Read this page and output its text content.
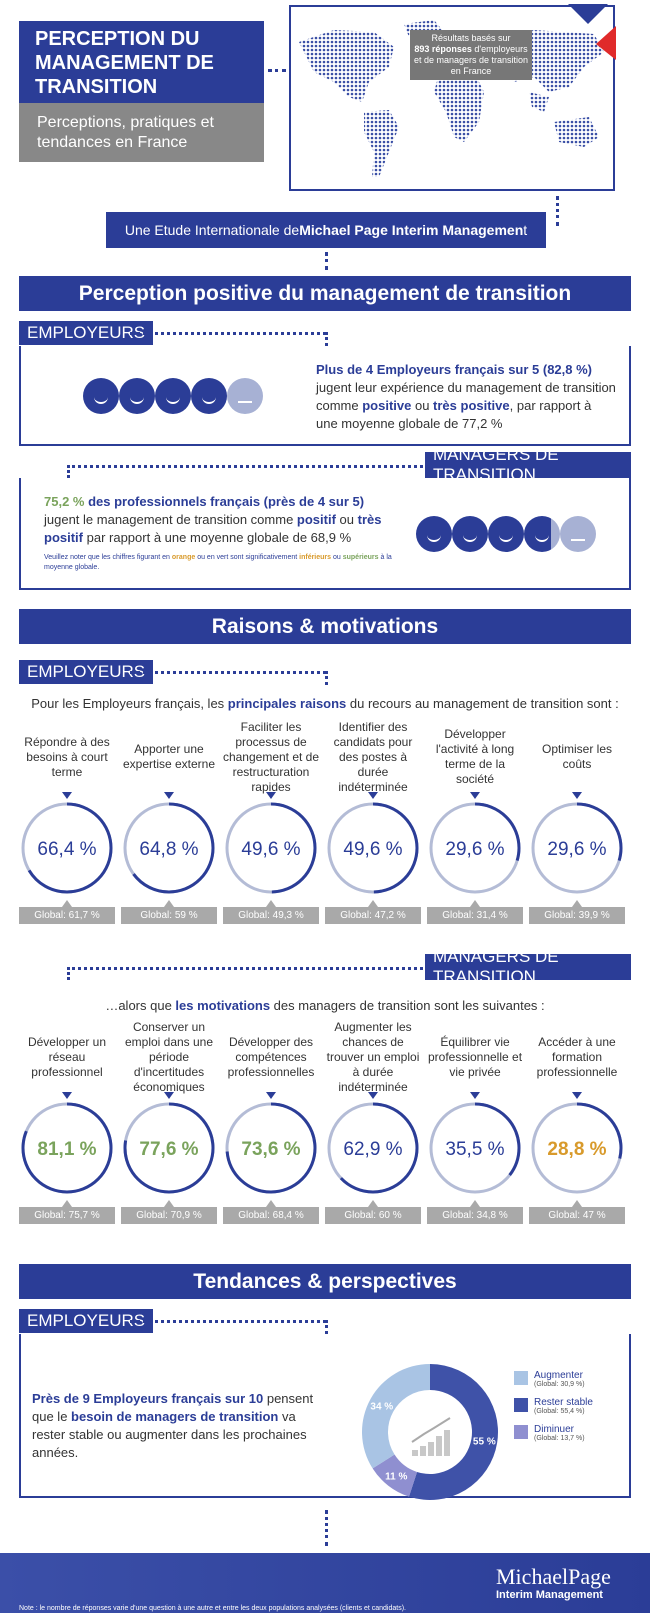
PERCEPTION DU
MANAGEMENT DE
TRANSITION
Perceptions, pratiques et
tendances en France
Résultats basés sur
893 réponses d'employeurs
et de managers de transition
en France
Une Etude Internationale de Michael Page Interim Managemen t
Perception positive du management de transition
EMPLOYEURS
Plus de 4 Employeurs français sur 5 (82,8 %) jugent leur expérience du management de transition comme positive ou très positive, par rapport à une moyenne globale de 77,2 %
MANAGERS DE TRANSITION
75,2 % des professionnels français (près de 4 sur 5) jugent le management de transition comme positif ou très positif par rapport à une moyenne globale de 68,9 %
Veuillez noter que les chiffres figurant en orange ou en vert sont significativement inférieurs ou supérieurs à la moyenne globale.
Raisons & motivations
EMPLOYEURS
Pour les Employeurs français, les principales raisons du recours au management de transition sont :
Répondre à des besoins à court terme
66,4 %
Global: 61,7 %
Apporter une expertise externe
64,8 %
Global: 59 %
Faciliter les processus de changement et de restructuration rapides
49,6 %
Global: 49,3 %
Identifier des candidats pour des postes à durée indéterminée
49,6 %
Global: 47,2 %
Développer l'activité à long terme de la société
29,6 %
Global: 31,4 %
Optimiser les coûts
29,6 %
Global: 39,9 %
MANAGERS DE TRANSITION
…alors que les motivations des managers de transition sont les suivantes :
Développer un réseau professionnel
81,1 %
Global: 75,7 %
Conserver un emploi dans une période d'incertitudes économiques
77,6 %
Global: 70,9 %
Développer des compétences professionnelles
73,6 %
Global: 68,4 %
Augmenter les chances de trouver un emploi à durée indéterminée
62,9 %
Global: 60 %
Équilibrer vie professionnelle et vie privée
35,5 %
Global: 34,8 %
Accéder à une formation professionnelle
28,8 %
Global: 47 %
Tendances & perspectives
EMPLOYEURS
Près de 9 Employeurs français sur 10 pensent que le besoin de managers de transition va rester stable ou augmenter dans les prochaines années.
55 %
11 %
34 %
Augmenter
(Global: 30,9 %)
Rester stable
(Global: 55,4 %)
Diminuer
(Global: 13,7 %)
Note : le nombre de réponses varie d'une question à une autre et entre les deux populations analysées (clients et candidats).
MichaelPage
Interim Management
